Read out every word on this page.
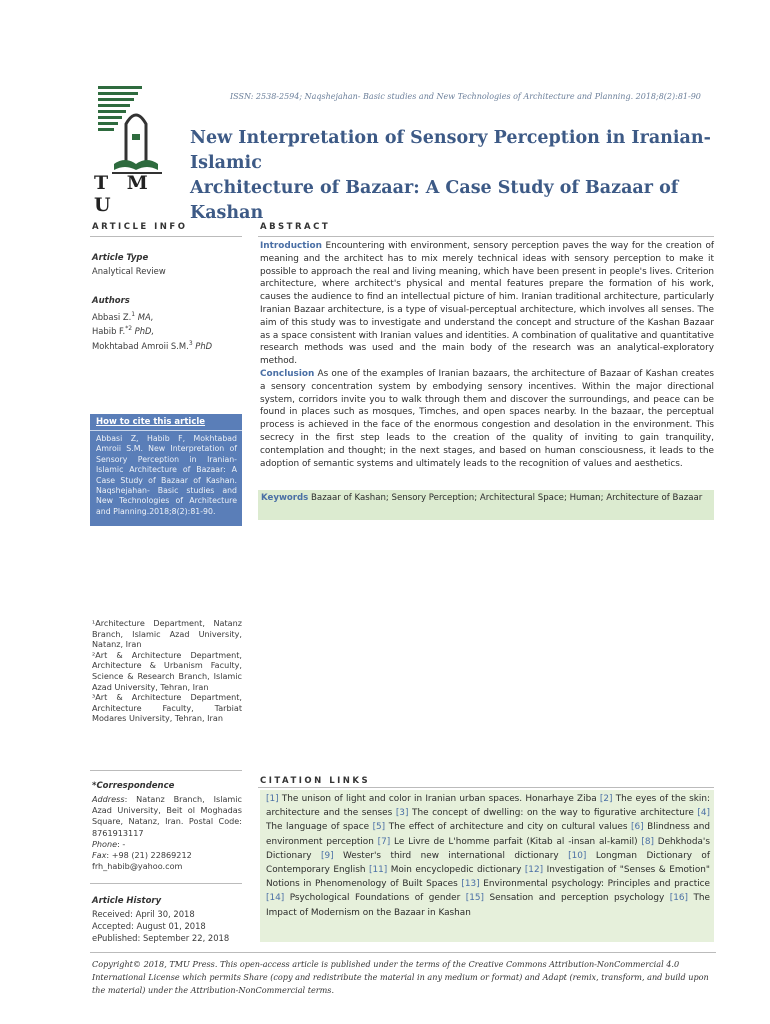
ISSN: 2538-2594; Naqshejahan- Basic studies and New Technologies of Architecture and Planning. 2018;8(2):81-90
T M U
New Interpretation of Sensory Perception in Iranian-Islamic
Architecture of Bazaar: A Case Study of Bazaar of Kashan
ARTICLE INFO
Article Type
Analytical Review
Authors
Abbasi Z.$^1$ MA,
Habib F.$^{*2}$ PhD,
Mokhtabad Amroii S.M.$^3$ PhD
How to cite this article
Abbasi Z, Habib F, Mokhtabad Amroii S.M. New Interpretation of Sensory Perception in Iranian-Islamic Architecture of Bazaar: A Case Study of Bazaar of Kashan. Naqshejahan- Basic studies and New Technologies of Architecture and Planning.2018;8(2):81-90.
¹Architecture Department, Natanz Branch, Islamic Azad University, Natanz, Iran
²Art & Architecture Department, Architecture & Urbanism Faculty, Science & Research Branch, Islamic Azad University, Tehran, Iran
³Art & Architecture Department, Architecture Faculty, Tarbiat Modares University, Tehran, Iran
*Correspondence
Address: Natanz Branch, Islamic Azad University, Beit ol Moghadas Square, Natanz, Iran. Postal Code: 8761913117
Phone: -
Fax: +98 (21) 22869212
frh_habib@yahoo.com
Article History
Received: April 30, 2018
Accepted: August 01, 2018
ePublished: September 22, 2018
ABSTRACT
Introduction Encountering with environment, sensory perception paves the way for the creation of meaning and the architect has to mix merely technical ideas with sensory perception to make it possible to approach the real and living meaning, which have been present in people's lives. Criterion architecture, where architect's physical and mental features prepare the formation of his work, causes the audience to find an intellectual picture of him. Iranian traditional architecture, particularly Iranian Bazaar architecture, is a type of visual-perceptual architecture, which involves all senses. The aim of this study was to investigate and understand the concept and structure of the Kashan Bazaar as a space consistent with Iranian values and identities. A combination of qualitative and quantitative research methods was used and the main body of the research was an analytical-exploratory method.
Conclusion As one of the examples of Iranian bazaars, the architecture of Bazaar of Kashan creates a sensory concentration system by embodying sensory incentives. Within the major directional system, corridors invite you to walk through them and discover the surroundings, and peace can be found in places such as mosques, Timches, and open spaces nearby. In the bazaar, the perceptual process is achieved in the face of the enormous congestion and desolation in the environment. This secrecy in the first step leads to the creation of the quality of inviting to gain tranquility, contemplation and thought; in the next stages, and based on human consciousness, it leads to the adoption of semantic systems and ultimately leads to the recognition of values and aesthetics.
Keywords Bazaar of Kashan; Sensory Perception; Architectural Space; Human; Architecture of Bazaar
CITATION LINKS
[1] The unison of light and color in Iranian urban spaces. Honarhaye Ziba [2] The eyes of the skin: architecture and the senses [3] The concept of dwelling: on the way to figurative architecture [4] The language of space [5] The effect of architecture and city on cultural values [6] Blindness and environment perception [7] Le Livre de L'homme parfait (Kitab al -insan al-kamil) [8] Dehkhoda's Dictionary [9] Wester's third new international dictionary [10] Longman Dictionary of Contemporary English [11] Moin encyclopedic dictionary [12] Investigation of "Senses & Emotion" Notions in Phenomenology of Built Spaces [13] Environmental psychology: Principles and practice [14] Psychological Foundations of gender [15] Sensation and perception psychology [16] The Impact of Modernism on the Bazaar in Kashan
Copyright© 2018, TMU Press. This open-access article is published under the terms of the Creative Commons Attribution-NonCommercial 4.0 International License which permits Share (copy and redistribute the material in any medium or format) and Adapt (remix, transform, and build upon the material) under the Attribution-NonCommercial terms.
